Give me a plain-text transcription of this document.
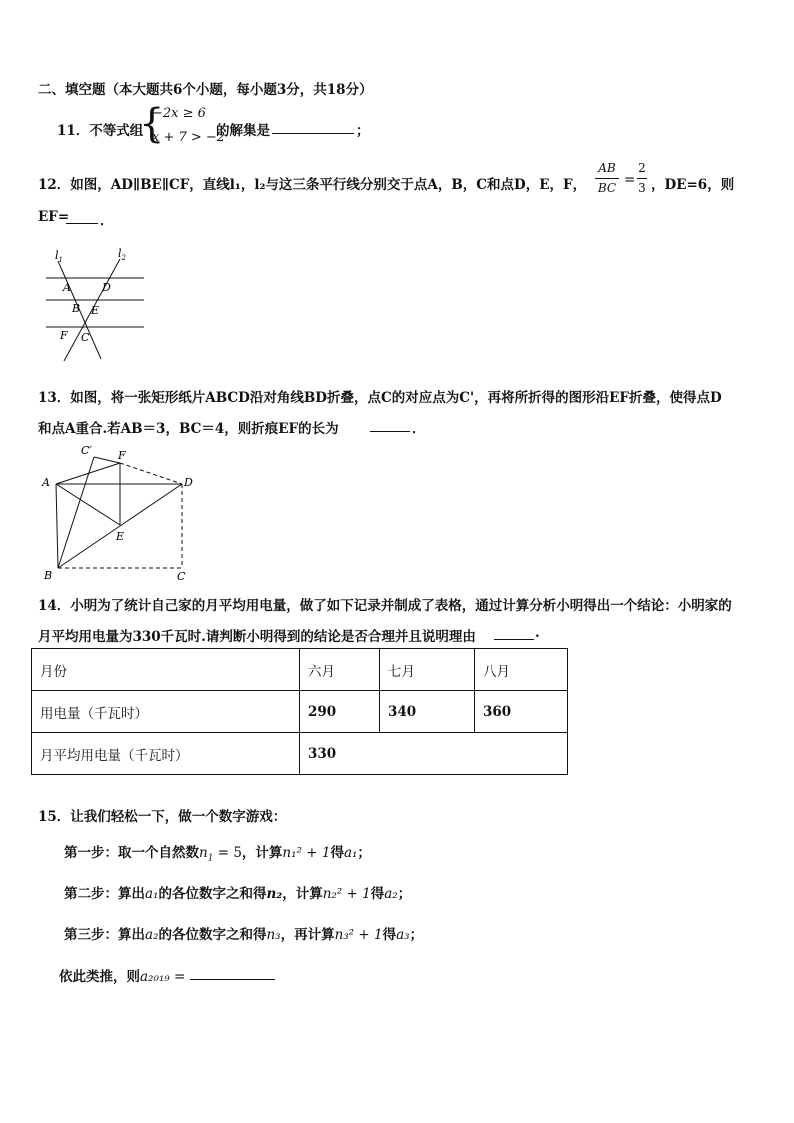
二、填空题（本大题共6个小题，每小题3分，共18分）
11．不等式组
{
−2x ≥ 6
x + 7 > −2
的解集是	；
12．如图，AD∥BE∥CF，直线l₁，l₂与这三条平行线分别交于点A，B，C和点D，E，F，
AB
BC =
2
3 ，DE=6，则
EF= ．
$l_1$	$l_2$
A	D
B E
F C
13．如图，将一张矩形纸片ABCD沿对角线BD折叠，点C的对应点为C'，再将所折得的图形沿EF折叠，使得点D
和点A重合.若AB＝3，BC＝4，则折痕EF的长为	．
C′ F
A	D
E
B	C
14．小明为了统计自己家的月平均用电量，做了如下记录并制成了表格，通过计算分析小明得出一个结论：小明家的
月平均用电量为330千瓦时.请判断小明得到的结论是否合理并且说明理由	.
月份	六月	七月	八月
用电量（千瓦时）	290	340	360
月平均用电量（千瓦时）	330		
15．让我们轻松一下，做一个数字游戏：
第一步：取一个自然数$n_1 = 5$，计算n₁² + 1得a₁；
第二步：算出a₁的各位数字之和得n₂，计算n₂² + 1得a₂；
第三步：算出a₂的各位数字之和得n₃，再计算n₃² + 1得a₃；
依此类推，则a₂₀₁₉ =
